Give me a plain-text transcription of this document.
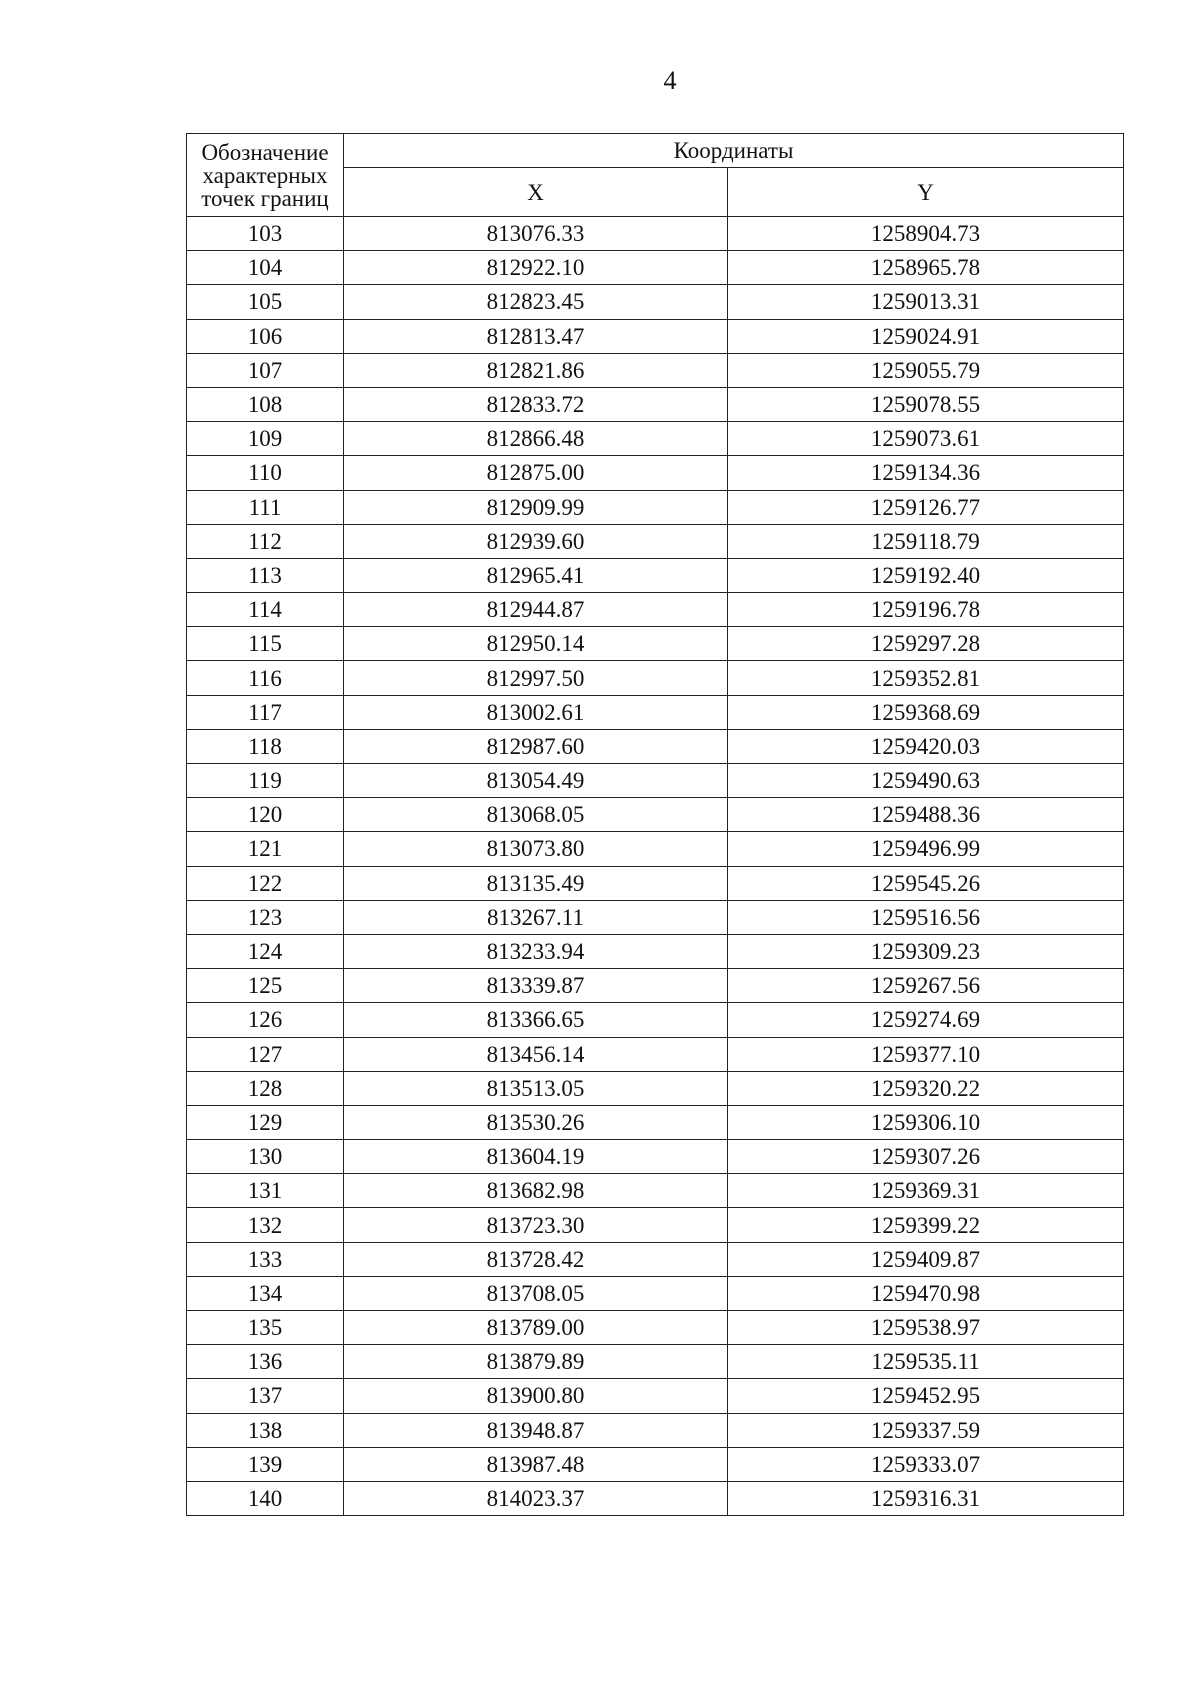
4
Обозначение характерных точек границ	Координаты	
	X	Y
103	813076.33	1258904.73
104	812922.10	1258965.78
105	812823.45	1259013.31
106	812813.47	1259024.91
107	812821.86	1259055.79
108	812833.72	1259078.55
109	812866.48	1259073.61
110	812875.00	1259134.36
111	812909.99	1259126.77
112	812939.60	1259118.79
113	812965.41	1259192.40
114	812944.87	1259196.78
115	812950.14	1259297.28
116	812997.50	1259352.81
117	813002.61	1259368.69
118	812987.60	1259420.03
119	813054.49	1259490.63
120	813068.05	1259488.36
121	813073.80	1259496.99
122	813135.49	1259545.26
123	813267.11	1259516.56
124	813233.94	1259309.23
125	813339.87	1259267.56
126	813366.65	1259274.69
127	813456.14	1259377.10
128	813513.05	1259320.22
129	813530.26	1259306.10
130	813604.19	1259307.26
131	813682.98	1259369.31
132	813723.30	1259399.22
133	813728.42	1259409.87
134	813708.05	1259470.98
135	813789.00	1259538.97
136	813879.89	1259535.11
137	813900.80	1259452.95
138	813948.87	1259337.59
139	813987.48	1259333.07
140	814023.37	1259316.31
